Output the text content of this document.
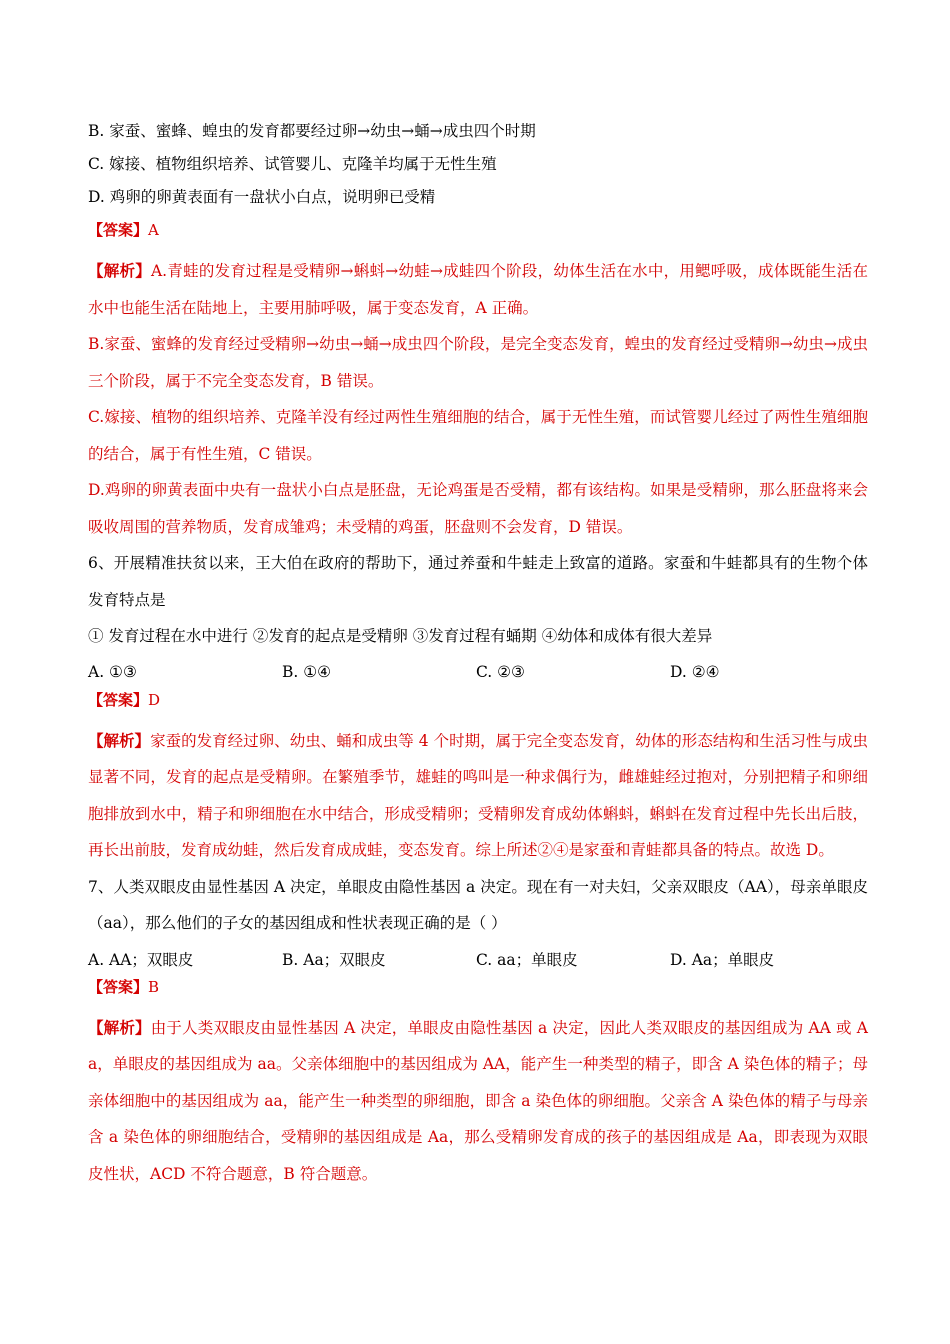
B. 家蚕、蜜蜂、蝗虫的发育都要经过卵→幼虫→蛹→成虫四个时期

C. 嫁接、植物组织培养、试管婴儿、克隆羊均属于无性生殖

D. 鸡卵的卵黄表面有一盘状小白点，说明卵已受精

【答案】A

【解析】A.青蛙的发育过程是受精卵→蝌蚪→幼蛙→成蛙四个阶段，幼体生活在水中，用鳃呼吸，成体既能生活在水中也能生活在陆地上，主要用肺呼吸，属于变态发育，A 正确。

B.家蚕、蜜蜂的发育经过受精卵→幼虫→蛹→成虫四个阶段，是完全变态发育，蝗虫的发育经过受精卵→幼虫→成虫三个阶段，属于不完全变态发育，B 错误。

C.嫁接、植物的组织培养、克隆羊没有经过两性生殖细胞的结合，属于无性生殖，而试管婴儿经过了两性生殖细胞的结合，属于有性生殖，C 错误。

D.鸡卵的卵黄表面中央有一盘状小白点是胚盘，无论鸡蛋是否受精，都有该结构。如果是受精卵，那么胚盘将来会吸收周围的营养物质，发育成雏鸡；未受精的鸡蛋，胚盘则不会发育，D 错误。

6、开展精准扶贫以来，王大伯在政府的帮助下，通过养蚕和牛蛙走上致富的道路。家蚕和牛蛙都具有的生物个体发育特点是

① 发育过程在水中进行 ②发育的起点是受精卵 ③发育过程有蛹期 ④幼体和成体有很大差异

A. ①③	B. ①④	C. ②③	D. ②④

【答案】D

【解析】家蚕的发育经过卵、幼虫、蛹和成虫等 4 个时期，属于完全变态发育，幼体的形态结构和生活习性与成虫显著不同，发育的起点是受精卵。在繁殖季节，雄蛙的鸣叫是一种求偶行为，雌雄蛙经过抱对，分别把精子和卵细胞排放到水中，精子和卵细胞在水中结合，形成受精卵；受精卵发育成幼体蝌蚪，蝌蚪在发育过程中先长出后肢，再长出前肢，发育成幼蛙，然后发育成成蛙，变态发育。综上所述②④是家蚕和青蛙都具备的特点。故选 D。

7、人类双眼皮由显性基因 A 决定，单眼皮由隐性基因 a 决定。现在有一对夫妇，父亲双眼皮（AA），母亲单眼皮（aa），那么他们的子女的基因组成和性状表现正确的是（ ）

A. AA；双眼皮	B. Aa；双眼皮	C. aa；单眼皮	D. Aa；单眼皮

【答案】B

【解析】由于人类双眼皮由显性基因 A 决定，单眼皮由隐性基因 a 决定，因此人类双眼皮的基因组成为 AA 或 Aa，单眼皮的基因组成为 aa。父亲体细胞中的基因组成为 AA，能产生一种类型的精子，即含 A 染色体的精子；母亲体细胞中的基因组成为 aa，能产生一种类型的卵细胞，即含 a 染色体的卵细胞。父亲含 A 染色体的精子与母亲含 a 染色体的卵细胞结合，受精卵的基因组成是 Aa，那么受精卵发育成的孩子的基因组成是 Aa，即表现为双眼皮性状，ACD 不符合题意，B 符合题意。
